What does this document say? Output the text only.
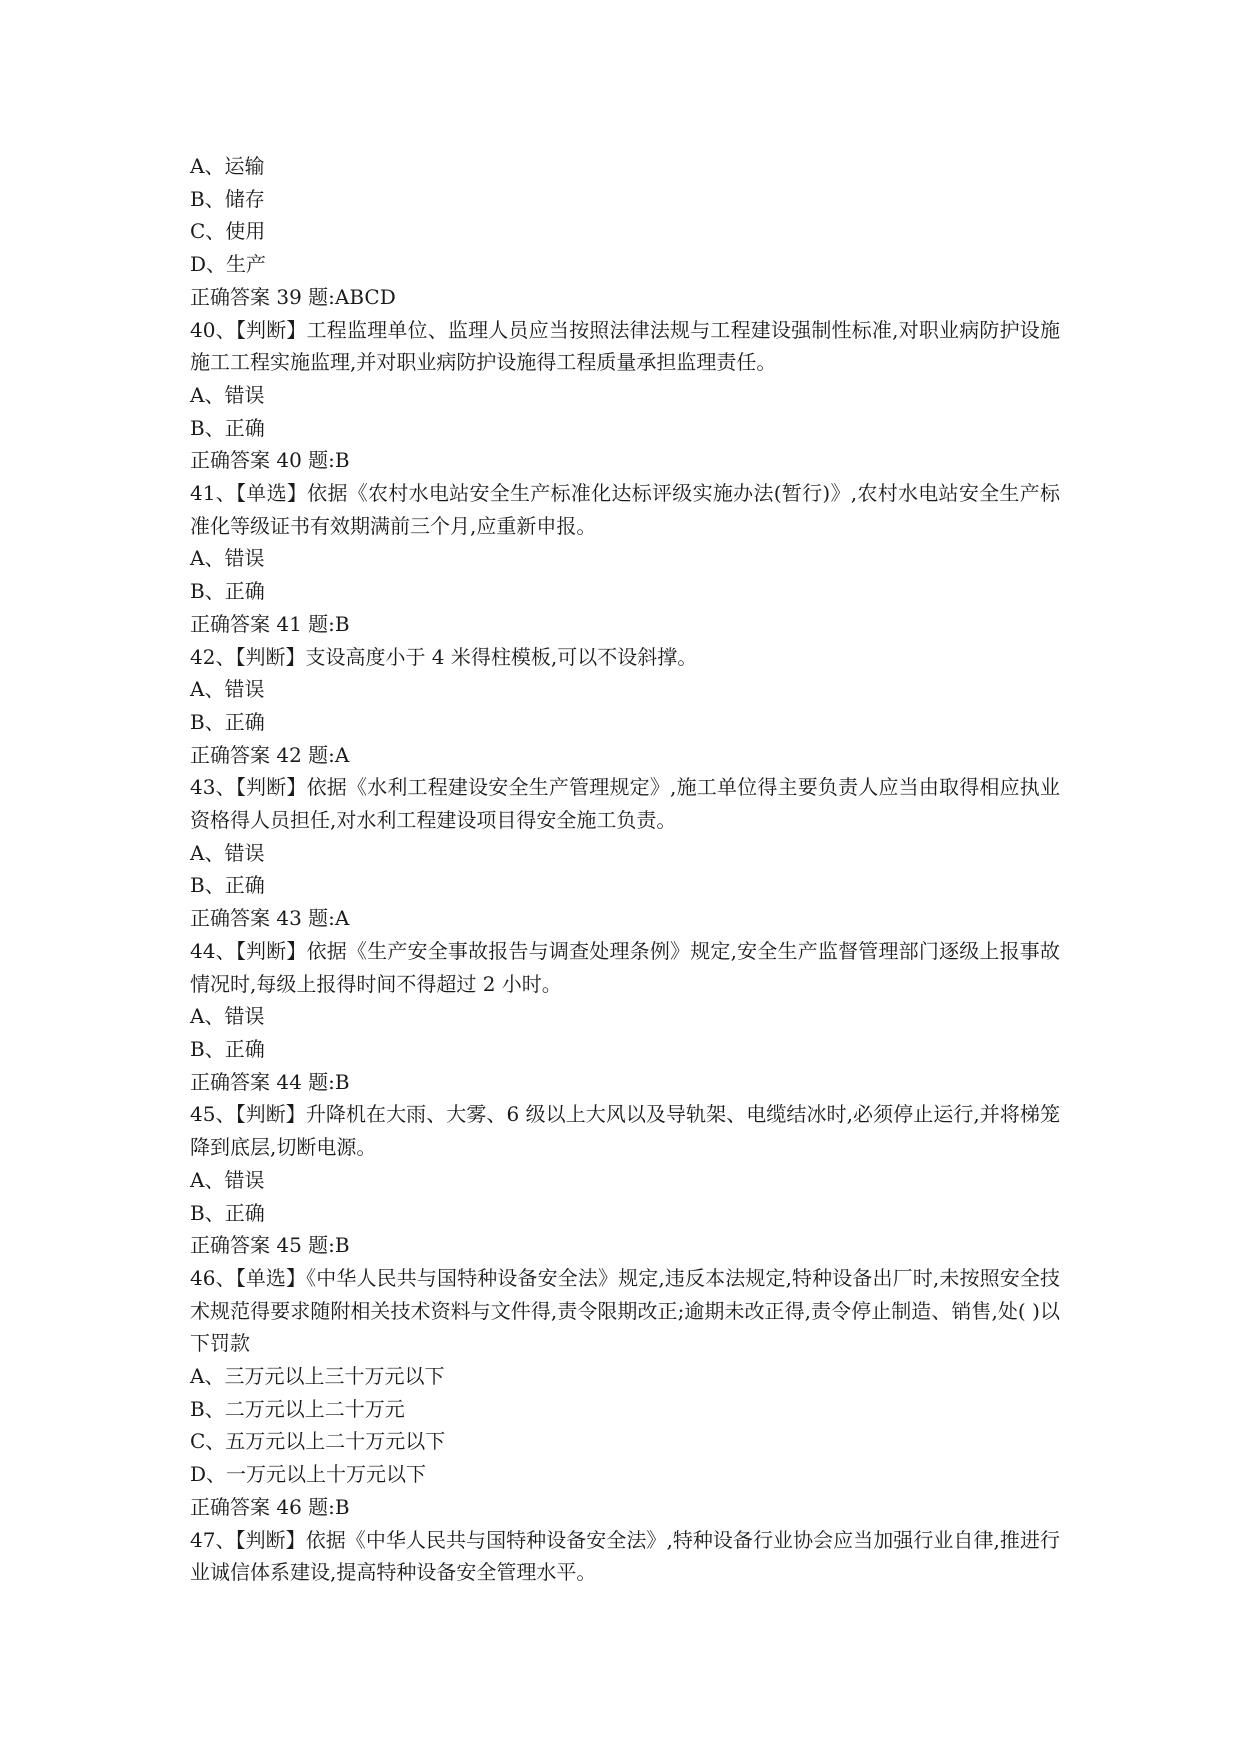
A、运输

B、储存

C、使用

D、生产

正确答案 39 题:ABCD

40、【判断】工程监理单位、监理人员应当按照法律法规与工程建设强制性标准,对职业病防护设施施工工程实施监理,并对职业病防护设施得工程质量承担监理责任。

A、错误

B、正确

正确答案 40 题:B

41、【单选】依据《农村水电站安全生产标准化达标评级实施办法(暂行)》,农村水电站安全生产标准化等级证书有效期满前三个月,应重新申报。

A、错误

B、正确

正确答案 41 题:B

42、【判断】支设高度小于 4 米得柱模板,可以不设斜撑。

A、错误

B、正确

正确答案 42 题:A

43、【判断】依据《水利工程建设安全生产管理规定》,施工单位得主要负责人应当由取得相应执业资格得人员担任,对水利工程建设项目得安全施工负责。

A、错误

B、正确

正确答案 43 题:A

44、【判断】依据《生产安全事故报告与调查处理条例》规定,安全生产监督管理部门逐级上报事故情况时,每级上报得时间不得超过 2 小时。

A、错误

B、正确

正确答案 44 题:B

45、【判断】升降机在大雨、大雾、6 级以上大风以及导轨架、电缆结冰时,必须停止运行,并将梯笼降到底层,切断电源。

A、错误

B、正确

正确答案 45 题:B

46、【单选】《中华人民共与国特种设备安全法》规定,违反本法规定,特种设备出厂时,未按照安全技术规范得要求随附相关技术资料与文件得,责令限期改正;逾期未改正得,责令停止制造、销售,处( )以下罚款

A、三万元以上三十万元以下

B、二万元以上二十万元

C、五万元以上二十万元以下

D、一万元以上十万元以下

正确答案 46 题:B

47、【判断】依据《中华人民共与国特种设备安全法》,特种设备行业协会应当加强行业自律,推进行业诚信体系建设,提高特种设备安全管理水平。
